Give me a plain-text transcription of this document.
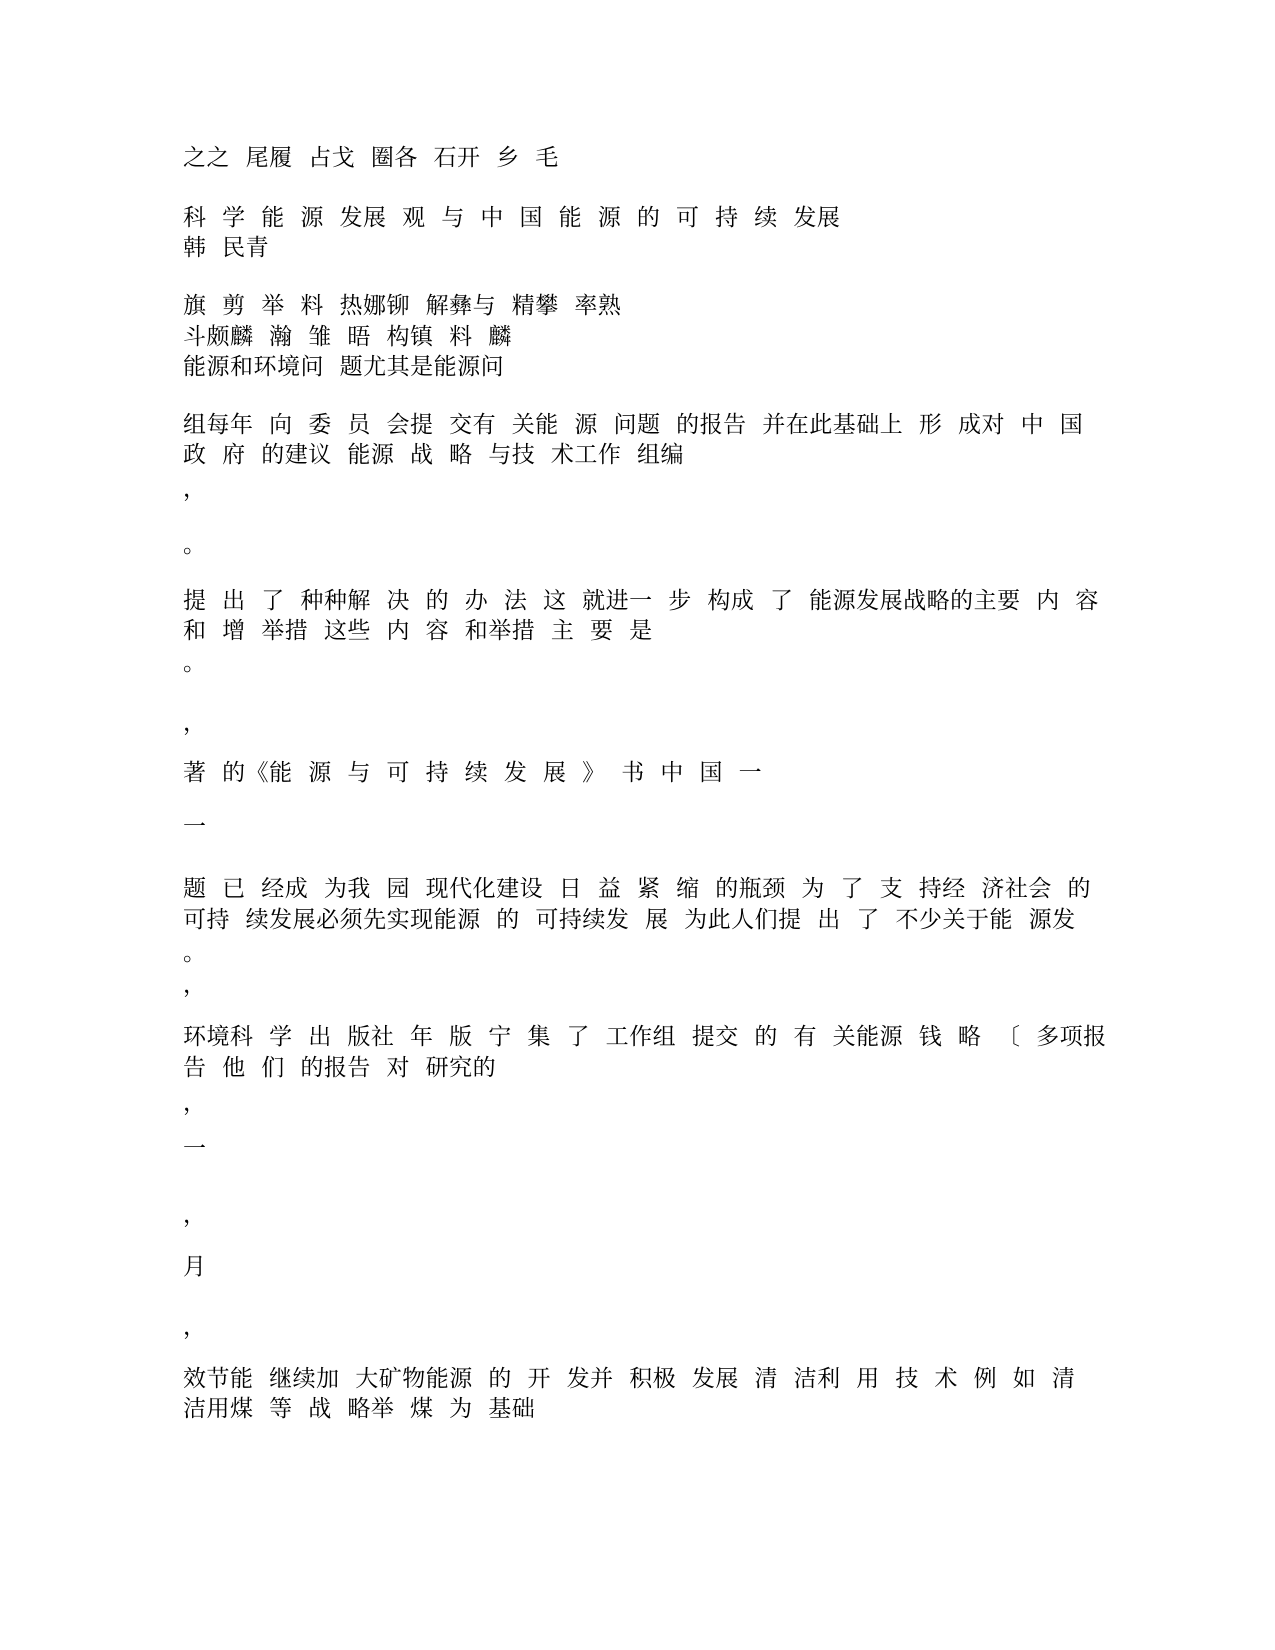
之之  尾履  占戈  圈各  石开  乡  毛
科  学  能  源  发展  观  与  中  国  能  源  的  可  持  续  发展
韩  民青
旗  剪  举  料  热娜铆  解彝与  精攀  率熟
斗颇麟  瀚  雏  晤  构镇  料  麟
能源和环境问  题尤其是能源问
组每年  向  委  员  会提  交有  关能  源  问题  的报告  并在此基础上  形  成对  中  国
政  府  的建议  能源  战  略  与技  术工作  组编
，
。
提  出  了  种种解  决  的  办  法  这  就进一  步  构成  了  能源发展战略的主要  内  容
和  增  举措  这些  内  容  和举措  主  要  是
。
，
著  的《能  源  与  可  持  续  发  展  》  书  中  国  一
一
题  已  经成  为我  园  现代化建设  日  益  紧  缩  的瓶颈  为  了  支  持经  济社会  的
可持  续发展必须先实现能源  的  可持续发  展  为此人们提  出  了  不少关于能  源发
。
，
环境科  学  出  版社  年  版  宁  集  了  工作组  提交  的  有  关能源  钱  略  〔  多项报
告  他  们  的报告  对  研究的
，
一
，
月
，
效节能  继续加  大矿物能源  的  开  发并  积极  发展  清  洁利  用  技  术  例  如  清
洁用煤  等  战  略举  煤  为  基础
